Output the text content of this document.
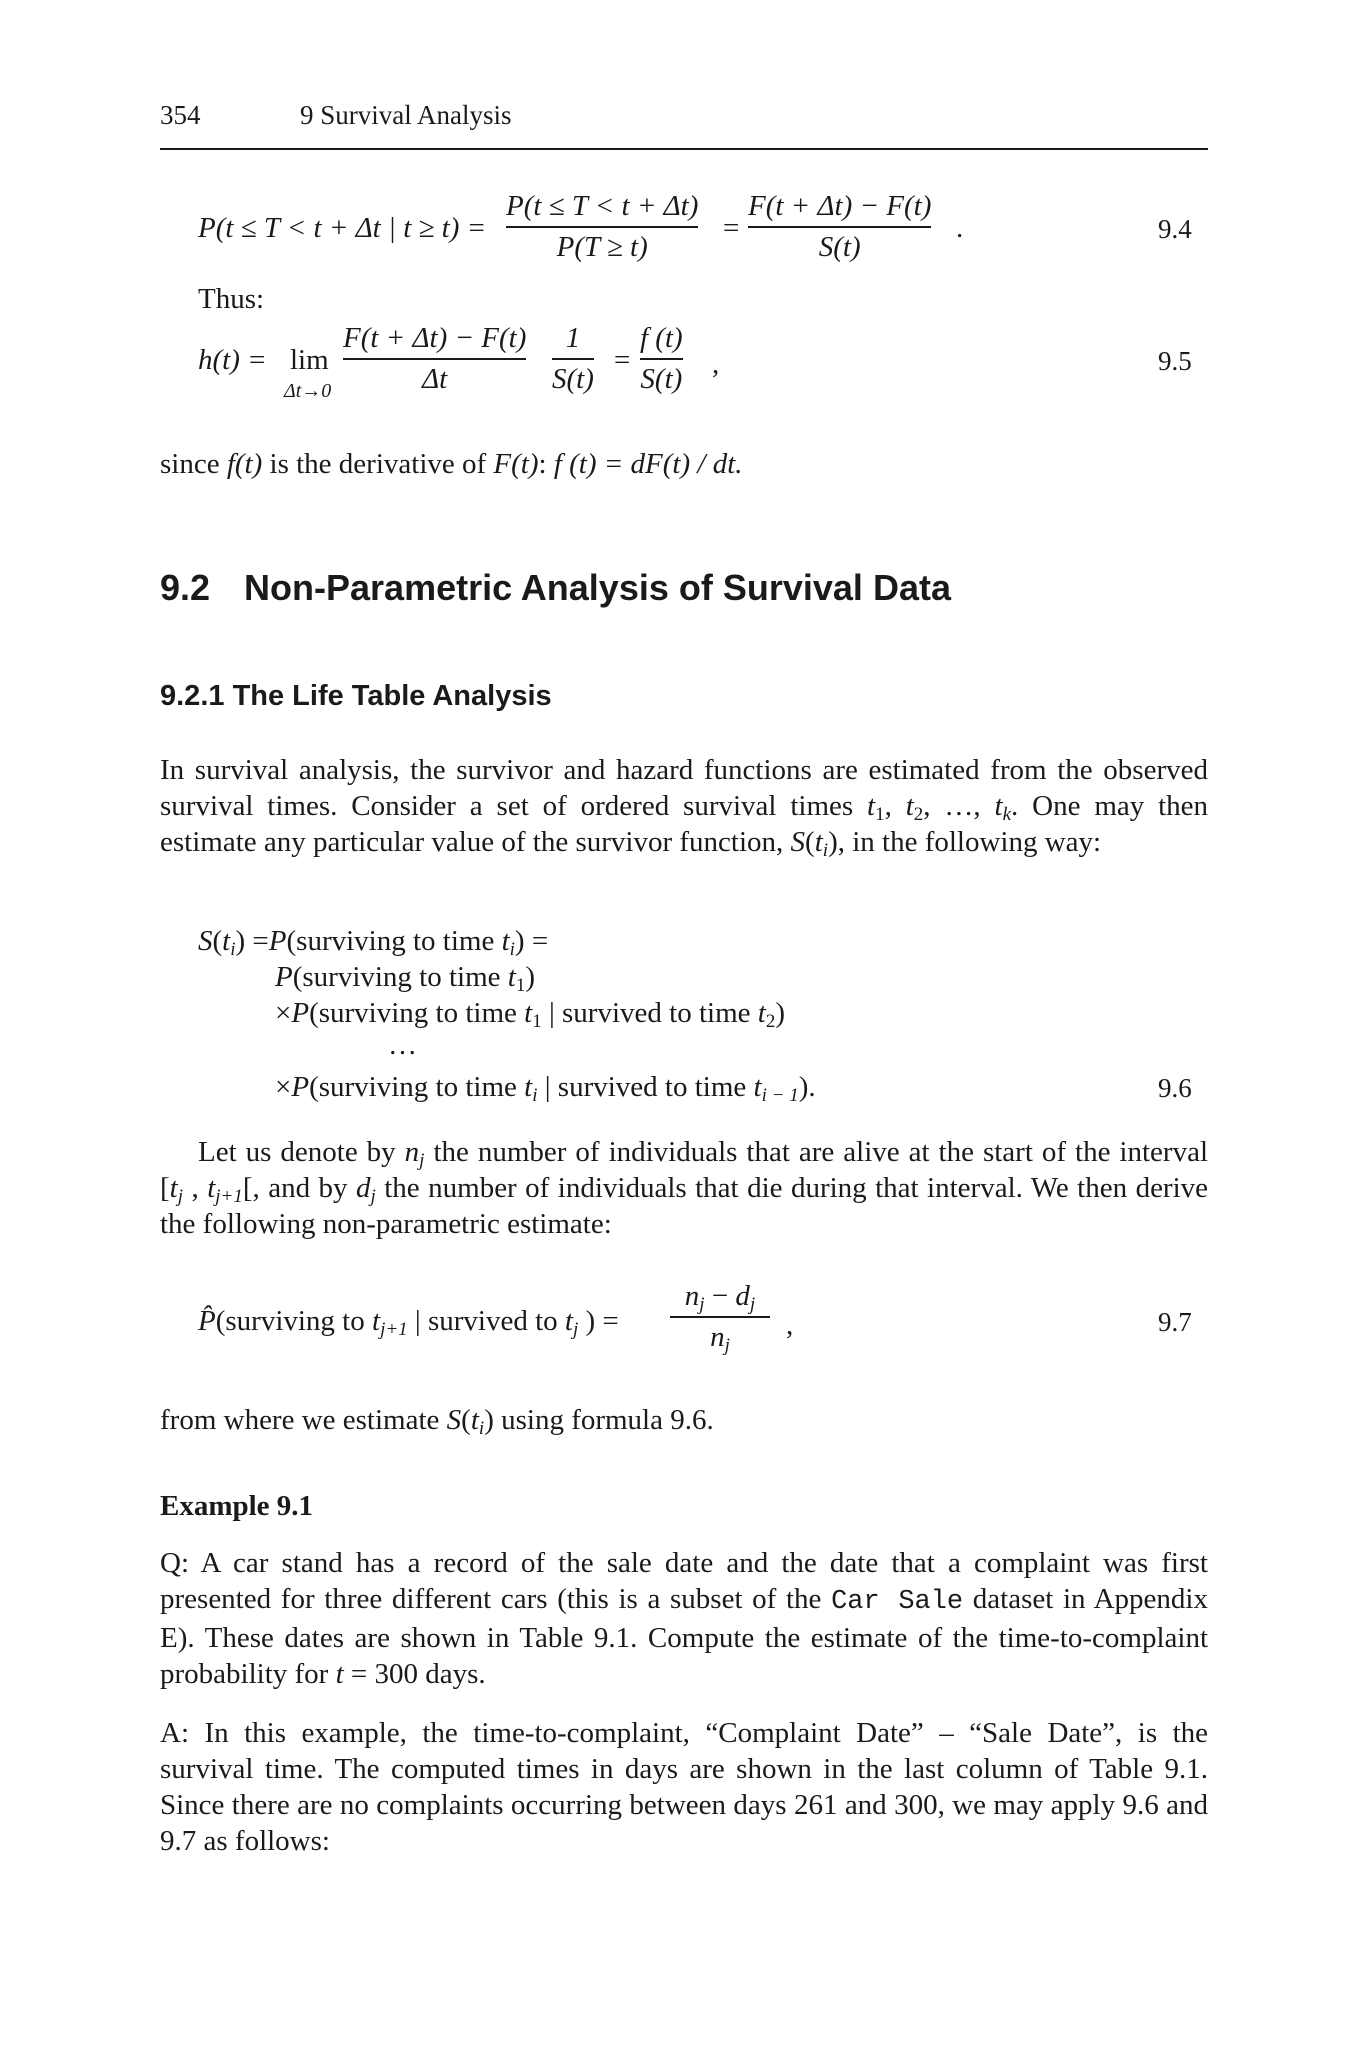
354	9 Survival Analysis
P(t ≤ T < t + Δt | t ≥ t) =
P(t ≤ T < t + Δt)
P(T ≥ t)
=
F(t + Δt) − F(t)
S(t)
.	9.4
Thus:
h(t) = lim
Δt→0
F(t + Δt) − F(t)
Δt
1
S(t)
=
f (t)
S(t) ,	9.5
since f(t) is the derivative of F(t): f (t) = dF(t) / dt.
9.2 Non-Parametric Analysis of Survival Data
9.2.1 The Life Table Analysis
In survival analysis, the survivor and hazard functions are estimated from the observed survival times. Consider a set of ordered survival times $t_1$, $t_2$, …, $t_k$. One may then estimate any particular value of the survivor function, $S(t_i)$, in the following way:
$S(t_i)$ =P(surviving to time $t_i$) =
P(surviving to time $t_1$)
×P(surviving to time $t_1$ | survived to time $t_2$)
…
×P(surviving to time $t_i$ | survived to time $t_{i - 1}$).	9.6
Let us denote by $n_j$ the number of individuals that are alive at the start of the interval [$t_j$ , $t_{j+1}$[, and by $d_j$ the number of individuals that die during that interval. We then derive the following non-parametric estimate:
P̂(surviving to $t_{j+1}$ | survived to $t_j$ ) =
$n_j - d_j$
$n_j$
,	9.7
from where we estimate $S(t_i)$ using formula 9.6.
Example 9.1
Q: A car stand has a record of the sale date and the date that a complaint was first presented for three different cars (this is a subset of the Car Sale dataset in Appendix E). These dates are shown in Table 9.1. Compute the estimate of the time-to-complaint probability for t = 300 days.
A: In this example, the time-to-complaint, “Complaint Date” – “Sale Date”, is the survival time. The computed times in days are shown in the last column of Table 9.1. Since there are no complaints occurring between days 261 and 300, we may apply 9.6 and 9.7 as follows:
